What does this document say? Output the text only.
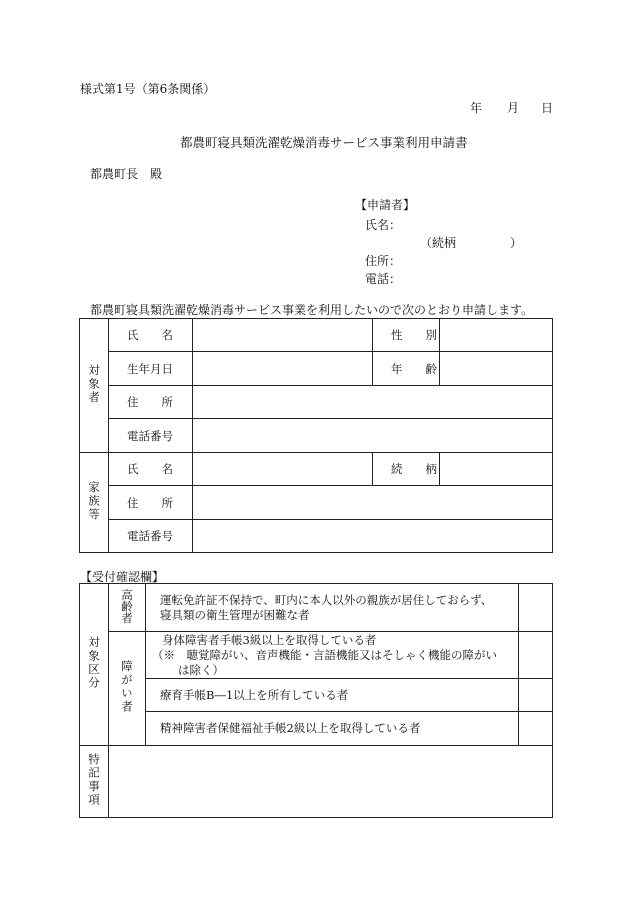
様式第1号（第6条関係）
年 月 日
都農町寝具類洗濯乾燥消毒サービス事業利用申請書
都農町長　殿
【申請者】
氏名：
（続柄	）
住所：
電話：
都農町寝具類洗濯乾燥消毒サービス事業を利用したいので次のとおり申請します。
対象者	氏　　名		性　　別	
	生年月日		年　　齢	
	住　　所			
	電話番号			
家族等	氏　　名		続　　柄	
	住　　所			
	電話番号			
【受付確認欄】
対象区分	高齢者	運転免許証不保持で、町内に本人以外の親族が居住しておらず、
寝具類の衛生管理が困難な者	

	障がい者	身体障害者手帳3級以上を取得している者
（※　聴覚障がい、音声機能・言語機能又はそしゃく機能の障がい
は除く）	

		療育手帳B―1以上を所有している者	
		精神障害者保健福祉手帳2級以上を取得している者	
特記事項			
